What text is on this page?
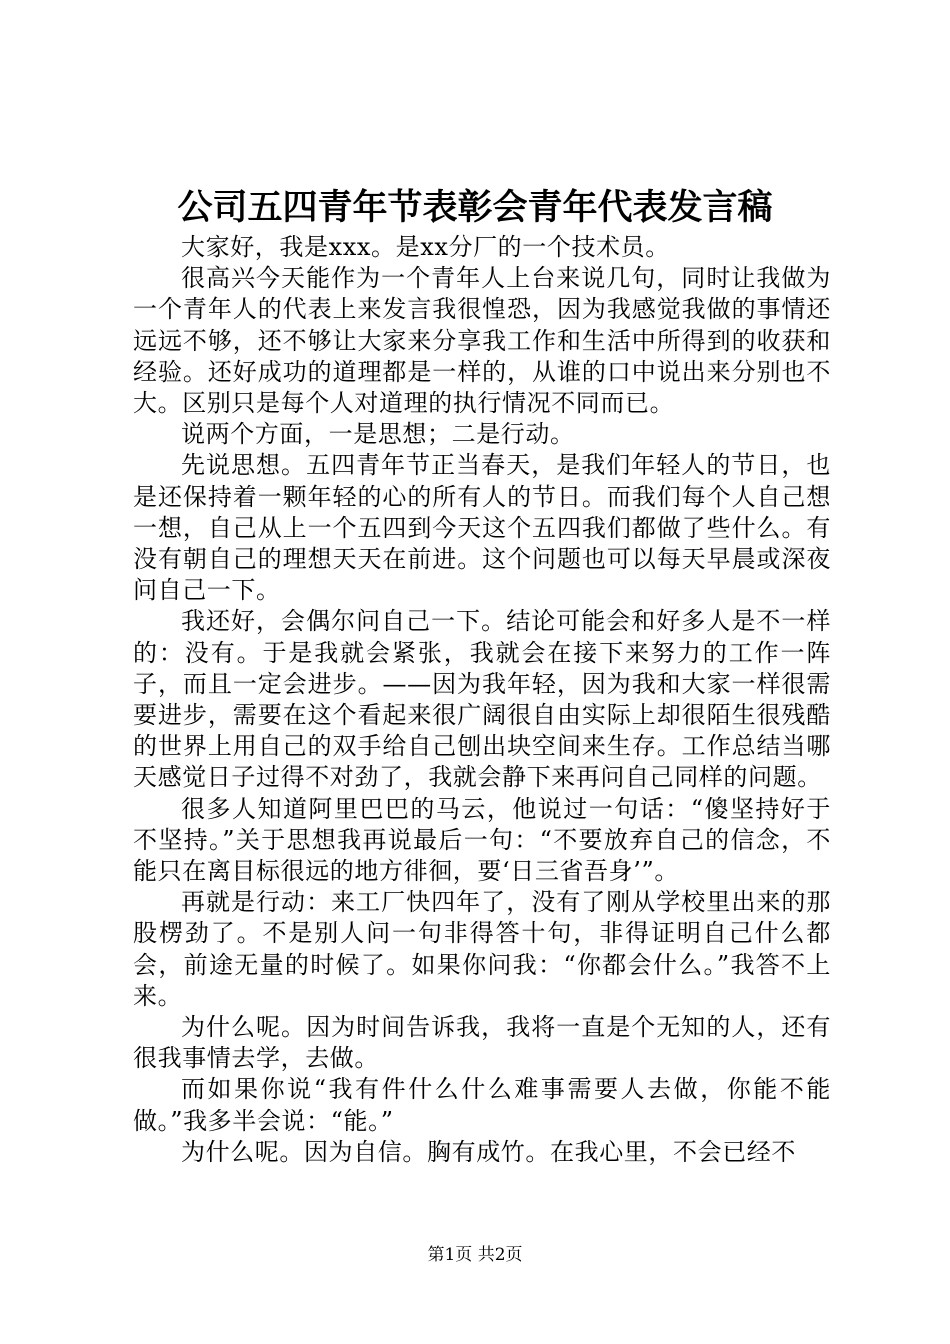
公司五四青年节表彰会青年代表发言稿

大家好，我是xxx。是xx分厂的一个技术员。

很高兴今天能作为一个青年人上台来说几句，同时让我做为一个青年人的代表上来发言我很惶恐，因为我感觉我做的事情还远远不够，还不够让大家来分享我工作和生活中所得到的收获和经验。还好成功的道理都是一样的，从谁的口中说出来分别也不大。区别只是每个人对道理的执行情况不同而已。

说两个方面，一是思想；二是行动。

先说思想。五四青年节正当春天，是我们年轻人的节日，也是还保持着一颗年轻的心的所有人的节日。而我们每个人自己想一想，自己从上一个五四到今天这个五四我们都做了些什么。有没有朝自己的理想天天在前进。这个问题也可以每天早晨或深夜问自己一下。

我还好，会偶尔问自己一下。结论可能会和好多人是不一样的：没有。于是我就会紧张，我就会在接下来努力的工作一阵子，而且一定会进步。——因为我年轻，因为我和大家一样很需要进步，需要在这个看起来很广阔很自由实际上却很陌生很残酷的世界上用自己的双手给自己刨出块空间来生存。工作总结当哪天感觉日子过得不对劲了，我就会静下来再问自己同样的问题。

很多人知道阿里巴巴的马云，他说过一句话：“傻坚持好于不坚持。”关于思想我再说最后一句：“不要放弃自己的信念，不能只在离目标很远的地方徘徊，要‘日三省吾身’”。

再就是行动：来工厂快四年了，没有了刚从学校里出来的那股楞劲了。不是别人问一句非得答十句，非得证明自己什么都会，前途无量的时候了。如果你问我：“你都会什么。”我答不上来。

为什么呢。因为时间告诉我，我将一直是个无知的人，还有很我事情去学，去做。

而如果你说“我有件什么什么难事需要人去做，你能不能做。”我多半会说：“能。”

为什么呢。因为自信。胸有成竹。在我心里，不会已经不

第1页 共2页
